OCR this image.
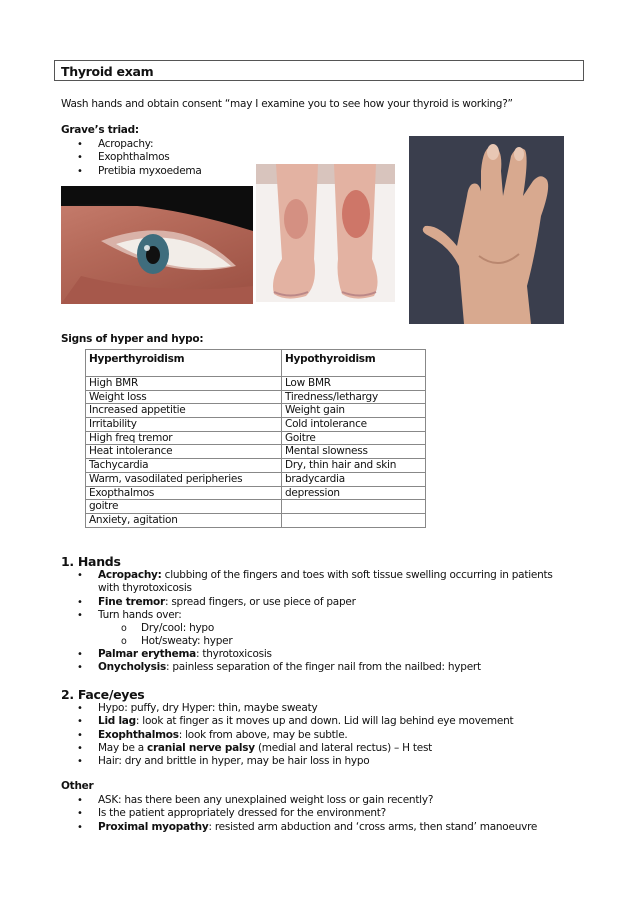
Thyroid exam
Wash hands and obtain consent “may I examine you to see how your thyroid is working?”
Grave’s triad:
• Acropachy:
• Exophthalmos
• Pretibia myxoedema
Signs of hyper and hypo:
Hyperthyroidism	Hypothyroidism
High BMR	Low BMR
Weight loss	Tiredness/lethargy
Increased appetitie	Weight gain
Irritability	Cold intolerance
High freq tremor	Goitre
Heat intolerance	Mental slowness
Tachycardia	Dry, thin hair and skin
Warm, vasodilated peripheries	bradycardia
Exopthalmos	depression
goitre	
Anxiety, agitation	
1. Hands
• Acropachy: clubbing of the fingers and toes with soft tissue swelling occurring in patients
with thyrotoxicosis
• Fine tremor: spread fingers, or use piece of paper
• Turn hands over:
o Dry/cool: hypo
o Hot/sweaty: hyper
• Palmar erythema: thyrotoxicosis
• Onycholysis: painless separation of the finger nail from the nailbed: hypert
2. Face/eyes
• Hypo: puffy, dry Hyper: thin, maybe sweaty
• Lid lag: look at finger as it moves up and down. Lid will lag behind eye movement
• Exophthalmos: look from above, may be subtle.
• May be a cranial nerve palsy (medial and lateral rectus) – H test
• Hair: dry and brittle in hyper, may be hair loss in hypo
Other
• ASK: has there been any unexplained weight loss or gain recently?
• Is the patient appropriately dressed for the environment?
• Proximal myopathy: resisted arm abduction and ‘cross arms, then stand’ manoeuvre
